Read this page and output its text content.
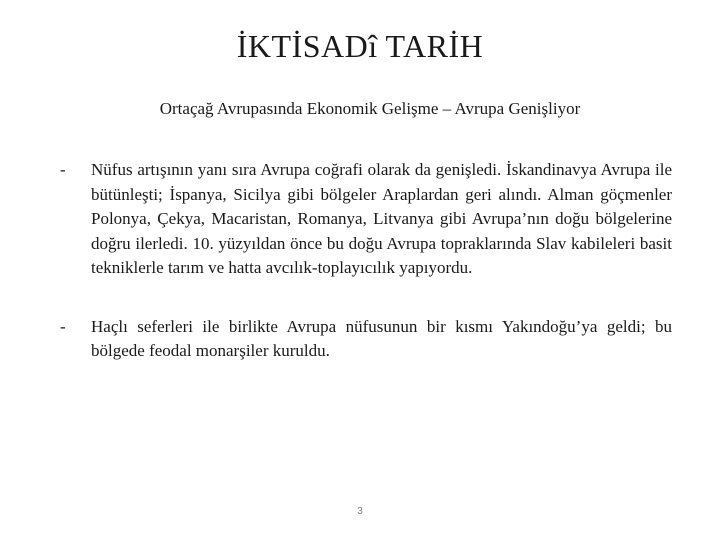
İKTİSADî TARİH

Ortaçağ Avrupasında Ekonomik Gelişme – Avrupa Genişliyor

- Nüfus artışının yanı sıra Avrupa coğrafi olarak da genişledi. İskandinavya Avrupa ile bütünleşti; İspanya, Sicilya gibi bölgeler Araplardan geri alındı. Alman göçmenler Polonya, Çekya, Macaristan, Romanya, Litvanya gibi Avrupa’nın doğu bölgelerine doğru ilerledi. 10. yüzyıldan önce bu doğu Avrupa topraklarında Slav kabileleri basit tekniklerle tarım ve hatta avcılık-toplayıcılık yapıyordu.
- Haçlı seferleri ile birlikte Avrupa nüfusunun bir kısmı Yakındoğu’ya geldi; bu bölgede feodal monarşiler kuruldu.
3
